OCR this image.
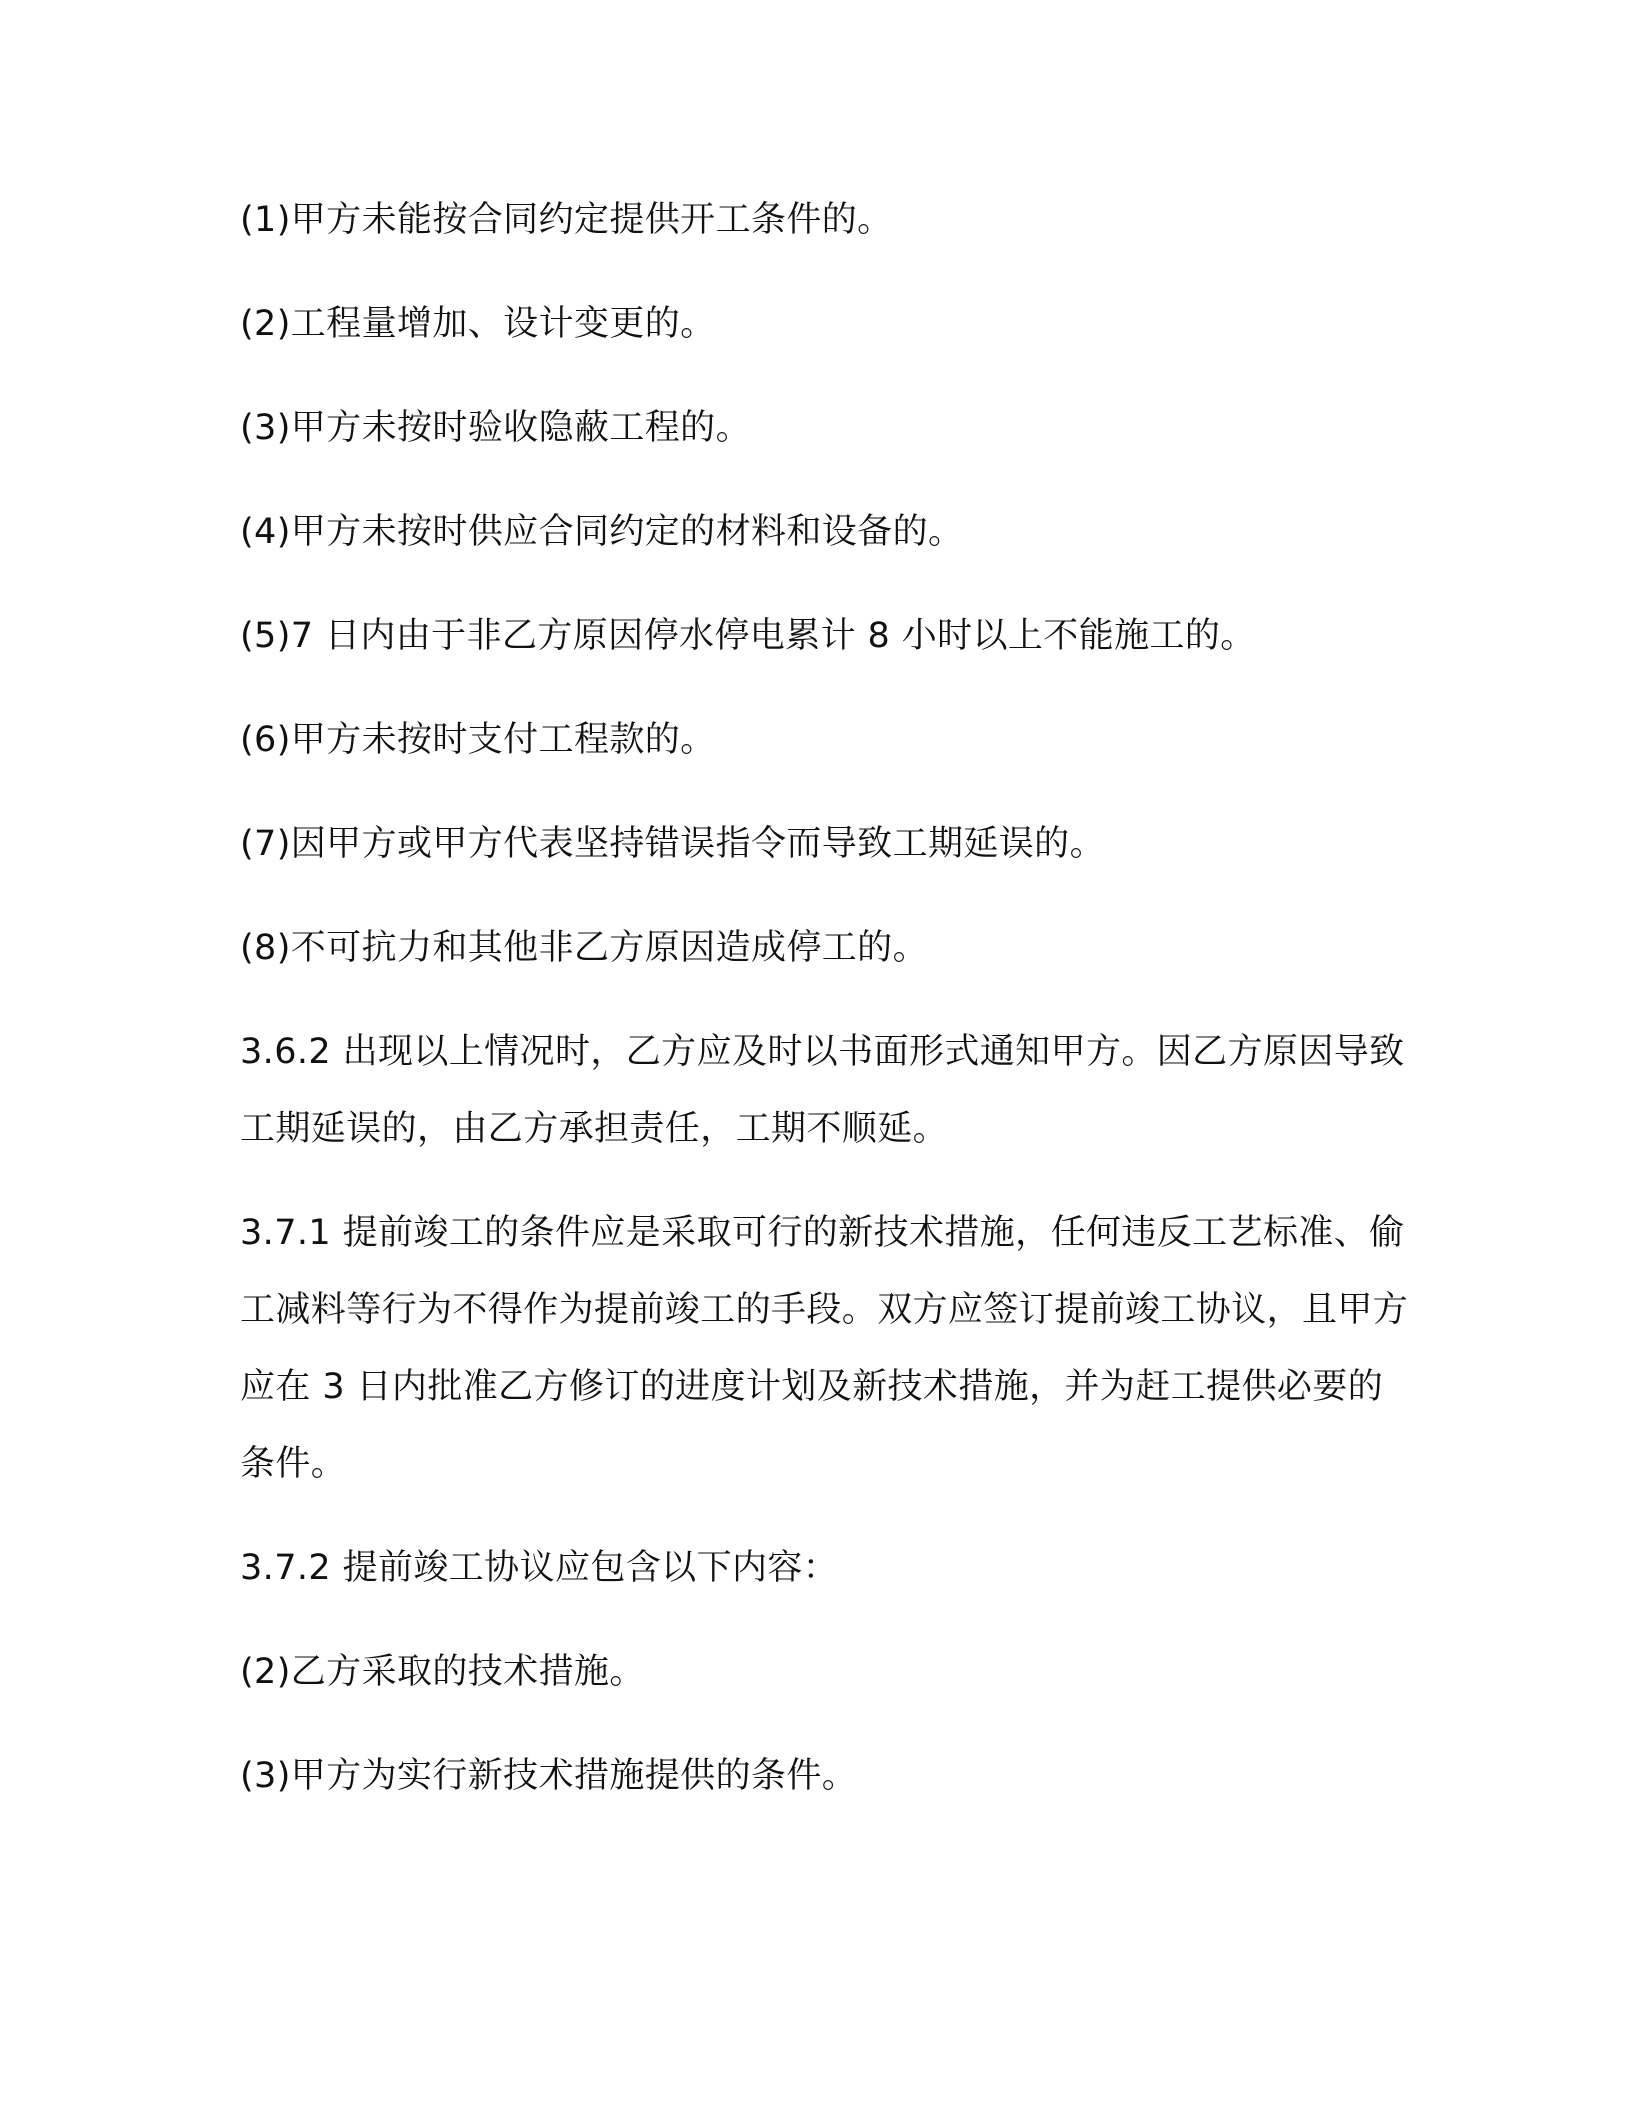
(1)甲方未能按合同约定提供开工条件的。

(2)工程量增加、设计变更的。

(3)甲方未按时验收隐蔽工程的。

(4)甲方未按时供应合同约定的材料和设备的。

(5)7 日内由于非乙方原因停水停电累计 8 小时以上不能施工的。

(6)甲方未按时支付工程款的。

(7)因甲方或甲方代表坚持错误指令而导致工期延误的。

(8)不可抗力和其他非乙方原因造成停工的。

3.6.2 出现以上情况时，乙方应及时以书面形式通知甲方。因乙方原因导致工期延误的，由乙方承担责任，工期不顺延。

3.7.1 提前竣工的条件应是采取可行的新技术措施，任何违反工艺标准、偷工减料等行为不得作为提前竣工的手段。双方应签订提前竣工协议，且甲方应在 3 日内批准乙方修订的进度计划及新技术措施，并为赶工提供必要的条件。

3.7.2 提前竣工协议应包含以下内容：

(2)乙方采取的技术措施。

(3)甲方为实行新技术措施提供的条件。
